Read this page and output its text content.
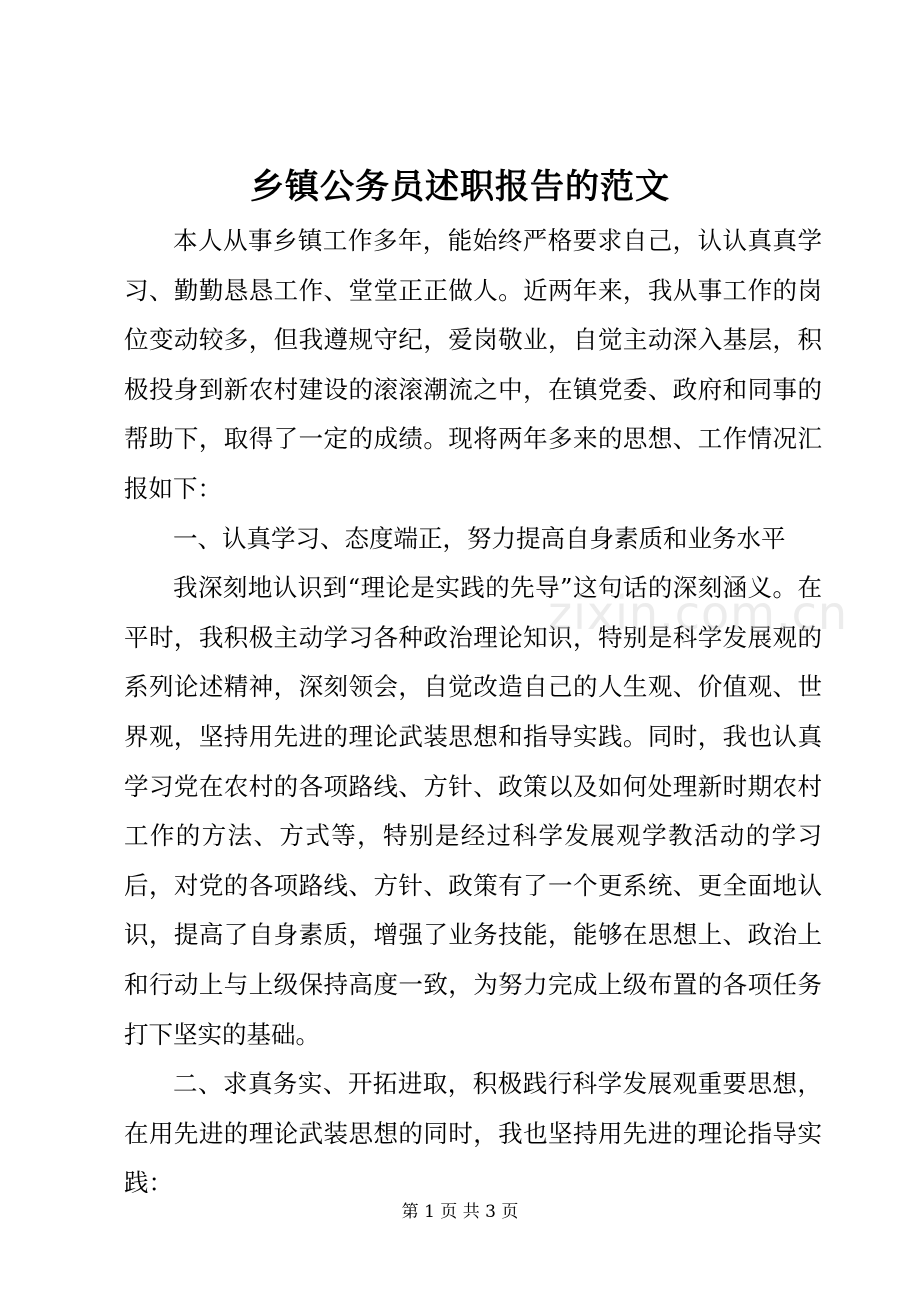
乡镇公务员述职报告的范文

本人从事乡镇工作多年，能始终严格要求自己，认认真真学习、勤勤恳恳工作、堂堂正正做人。近两年来，我从事工作的岗位变动较多，但我遵规守纪，爱岗敬业，自觉主动深入基层，积极投身到新农村建设的滚滚潮流之中，在镇党委、政府和同事的帮助下，取得了一定的成绩。现将两年多来的思想、工作情况汇报如下：

一、认真学习、态度端正，努力提高自身素质和业务水平

我深刻地认识到“理论是实践的先导”这句话的深刻涵义。在平时，我积极主动学习各种政治理论知识，特别是科学发展观的系列论述精神，深刻领会，自觉改造自己的人生观、价值观、世界观，坚持用先进的理论武装思想和指导实践。同时，我也认真学习党在农村的各项路线、方针、政策以及如何处理新时期农村工作的方法、方式等，特别是经过科学发展观学教活动的学习后，对党的各项路线、方针、政策有了一个更系统、更全面地认识，提高了自身素质，增强了业务技能，能够在思想上、政治上和行动上与上级保持高度一致，为努力完成上级布置的各项任务打下坚实的基础。

二、求真务实、开拓进取，积极践行科学发展观重要思想，在用先进的理论武装思想的同时，我也坚持用先进的理论指导实践：

zixin.com.cn
第 1 页 共 3 页
